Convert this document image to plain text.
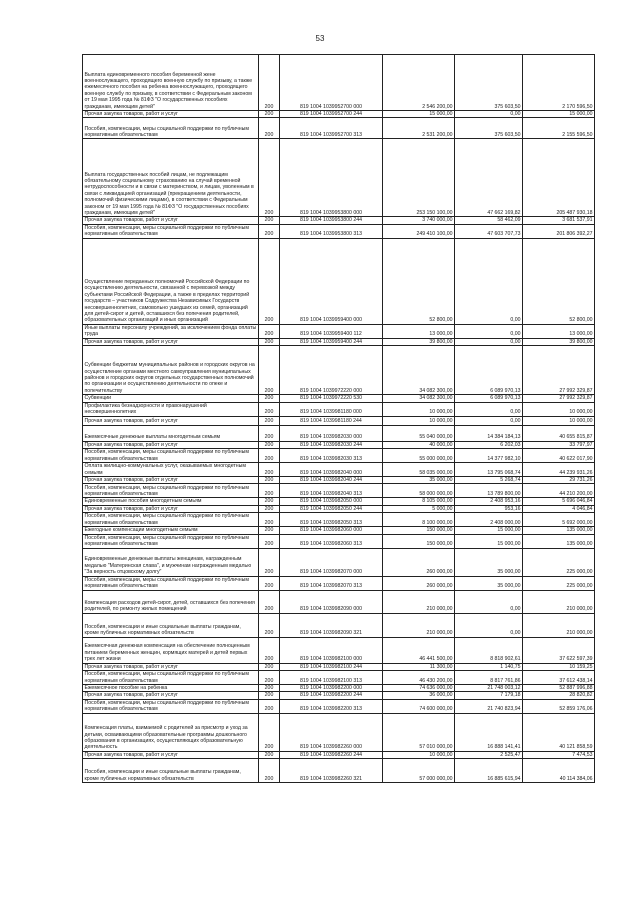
53
Выплата единовременного пособия беременной жене военнослужащего, проходящего военную службу по призыву, а также ежемесячного пособия на ребенка военнослужащего, проходящего военную службу по призыву, в соответствии с Федеральным законом от 19 мая 1995 года № 81ФЗ "О государственных пособиях гражданам, имеющим детей"	200	819 1004 1039952700 000	2 546 200,00	375 603,50	2 170 596,50
Прочая закупка товаров, работ и услуг	200	819 1004 1039952700 244	15 000,00	0,00	15 000,00
Пособия, компенсации, меры социальной поддержки по публичным нормативным обязательствам	200	819 1004 1039952700 313	2 531 200,00	375 603,50	2 155 596,50
Выплата государственных пособий лицам, не подлежащим обязательному социальному страхованию на случай временной нетрудоспособности и в связи с материнством, и лицам, уволенным в связи с ликвидацией организаций (прекращением деятельности, полномочий физическими лицами), в соответствии с Федеральным законом от 19 мая 1995 года № 81ФЗ "О государственных пособиях гражданам, имеющим детей"	200	819 1004 1039953800 000	253 150 100,00	47 662 169,82	205 487 930,18
Прочая закупка товаров, работ и услуг	200	819 1004 1039953800 244	3 740 000,00	58 462,09	3 681 537,91
Пособия, компенсации, меры социальной поддержки по публичным нормативным обязательствам	200	819 1004 1039953800 313	249 410 100,00	47 603 707,73	201 806 392,27
Осуществление переданных полномочий Российской Федерации по осуществлению деятельности, связанной с перевозкой между субъектами Российской Федерации, а также в пределах территорий государств – участников Содружества Независимых Государств несовершеннолетних, самовольно ушедших из семей, организаций для детей-сирот и детей, оставшихся без попечения родителей, образовательных организаций и иных организаций	200	819 1004 1039959400 000	52 800,00	0,00	52 800,00
Иные выплаты персоналу учреждений, за исключением фонда оплаты труда	200	819 1004 1039959400 112	13 000,00	0,00	13 000,00
Прочая закупка товаров, работ и услуг	200	819 1004 1039959400 244	39 800,00	0,00	39 800,00
Субвенции бюджетам муниципальных районов и городских округов на осуществление органами местного самоуправления муниципальных районов и городских округов отдельных государственных полномочий по организации и осуществлению деятельности по опеке и попечительству	200	819 1004 1039972220 000	34 082 300,00	6 089 970,13	27 992 329,87
Субвенции	200	819 1004 1039972220 530	34 082 300,00	6 089 970,13	27 992 329,87
Профилактика безнадзорности и правонарушений несовершеннолетних	200	819 1004 1039981180 000	10 000,00	0,00	10 000,00
Прочая закупка товаров, работ и услуг	200	819 1004 1039981180 244	10 000,00	0,00	10 000,00
Ежемесячные денежные выплаты многодетным семьям	200	819 1004 1039982030 000	55 040 000,00	14 384 184,13	40 655 815,87
Прочая закупка товаров, работ и услуг	200	819 1004 1039982030 244	40 000,00	6 202,03	33 797,97
Пособия, компенсации, меры социальной поддержки по публичным нормативным обязательствам	200	819 1004 1039982030 313	55 000 000,00	14 377 982,10	40 622 017,90
Оплата жилищно-коммунальных услуг, оказываемых многодетным семьям	200	819 1004 1039982040 000	58 035 000,00	13 795 068,74	44 239 931,26
Прочая закупка товаров, работ и услуг	200	819 1004 1039982040 244	35 000,00	5 268,74	29 731,26
Пособия, компенсации, меры социальной поддержки по публичным нормативным обязательствам	200	819 1004 1039982040 313	58 000 000,00	13 789 800,00	44 210 200,00
Единовременные пособия многодетным семьям	200	819 1004 1039982050 000	8 105 000,00	2 408 953,16	5 696 046,84
Прочая закупка товаров, работ и услуг	200	819 1004 1039982050 244	5 000,00	953,16	4 046,84
Пособия, компенсации, меры социальной поддержки по публичным нормативным обязательствам	200	819 1004 1039982050 313	8 100 000,00	2 408 000,00	5 692 000,00
Ежегодные компенсации многодетным семьям	200	819 1004 1039982060 000	150 000,00	15 000,00	135 000,00
Пособия, компенсации, меры социальной поддержки по публичным нормативным обязательствам	200	819 1004 1039982060 313	150 000,00	15 000,00	135 000,00
Единовременные денежные выплаты женщинам, награжденным медалью "Материнская слава", и мужчинам награжденным медалью "За верность отцовскому долгу"	200	819 1004 1039982070 000	260 000,00	35 000,00	225 000,00
Пособия, компенсации, меры социальной поддержки по публичным нормативным обязательствам	200	819 1004 1039982070 313	260 000,00	35 000,00	225 000,00
Компенсация расходов детей-сирот, детей, оставшихся без попечения родителей, по ремонту жилых помещений	200	819 1004 1039982090 000	210 000,00	0,00	210 000,00
Пособия, компенсации и иные социальные выплаты гражданам, кроме публичных нормативных обязательств	200	819 1004 1039982090 321	210 000,00	0,00	210 000,00
Ежемесячная денежная компенсация на обеспечение полноценным питанием беременных женщин, кормящих матерей и детей первых трех лет жизни	200	819 1004 1039982100 000	46 441 500,00	8 818 902,61	37 622 597,39
Прочая закупка товаров, работ и услуг	200	819 1004 1039982100 244	11 300,00	1 140,75	10 159,25
Пособия, компенсации, меры социальной поддержки по публичным нормативным обязательствам	200	819 1004 1039982100 313	46 430 200,00	8 817 761,86	37 612 438,14
Ежемесячное пособие на ребенка	200	819 1004 1039982200 000	74 636 000,00	21 748 003,12	52 887 996,88
Прочая закупка товаров, работ и услуг	200	819 1004 1039982200 244	36 000,00	7 179,18	28 820,82
Пособия, компенсации, меры социальной поддержки по публичным нормативным обязательствам	200	819 1004 1039982200 313	74 600 000,00	21 740 823,94	52 859 176,06
Компенсация платы, взимаемой с родителей за присмотр и уход за детьми, осваивающими образовательные программы дошкольного образования в организациях, осуществляющих образовательную деятельность	200	819 1004 1039982260 000	57 010 000,00	16 888 141,41	40 121 858,59
Прочая закупка товаров, работ и услуг	200	819 1004 1039982260 244	10 000,00	2 525,47	7 474,53
Пособия, компенсации и иные социальные выплаты гражданам, кроме публичных нормативных обязательств	200	819 1004 1039982260 321	57 000 000,00	16 885 615,94	40 114 384,06
